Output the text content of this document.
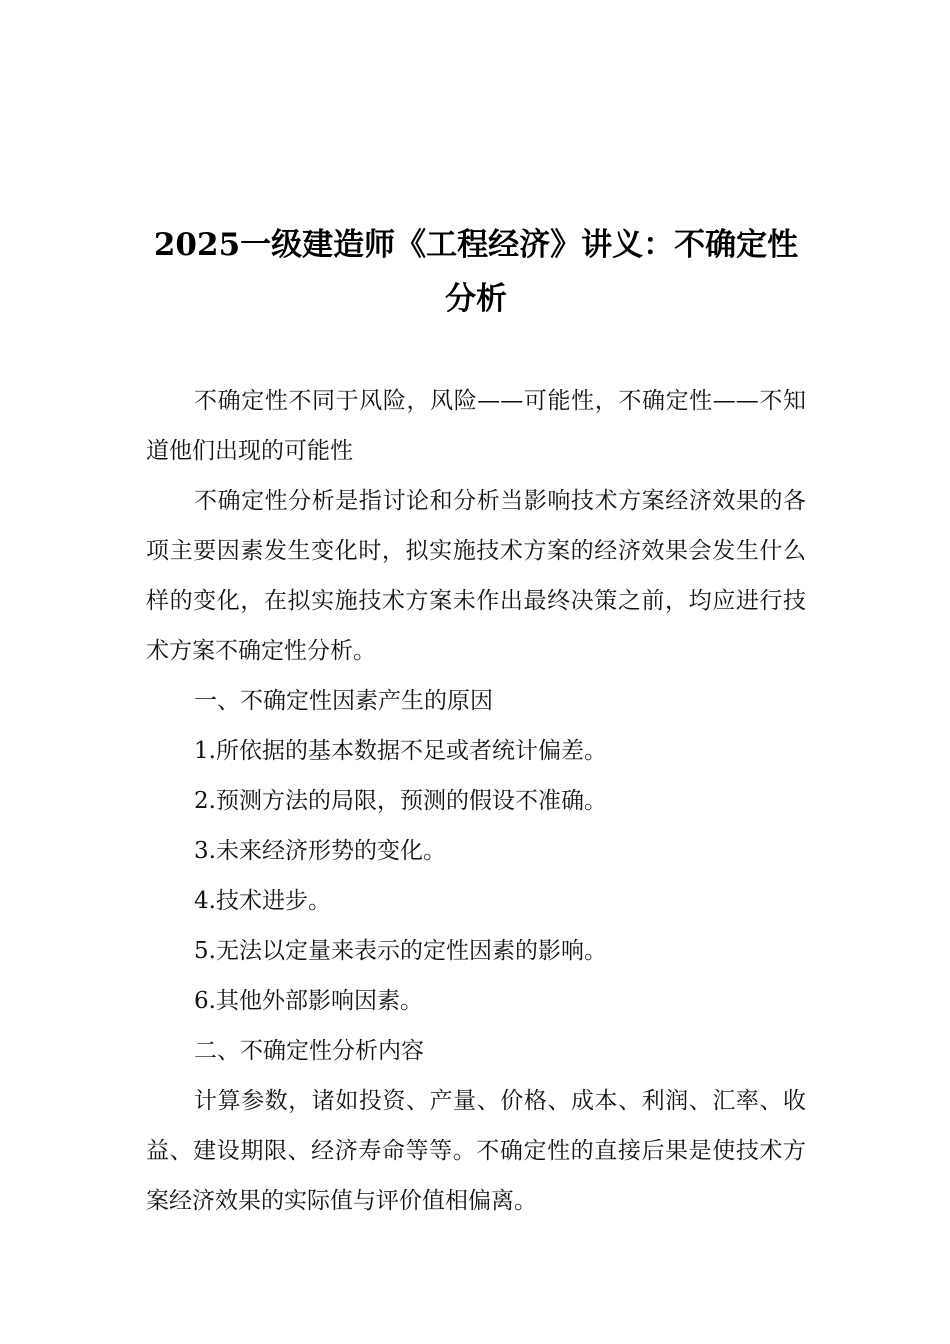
2025一级建造师《工程经济》讲义：不确定性分析

不确定性不同于风险，风险——可能性，不确定性——不知道他们出现的可能性

不确定性分析是指讨论和分析当影响技术方案经济效果的各项主要因素发生变化时，拟实施技术方案的经济效果会发生什么样的变化，在拟实施技术方案未作出最终决策之前，均应进行技术方案不确定性分析。

一、不确定性因素产生的原因

1.所依据的基本数据不足或者统计偏差。

2.预测方法的局限，预测的假设不准确。

3.未来经济形势的变化。

4.技术进步。

5.无法以定量来表示的定性因素的影响。

6.其他外部影响因素。

二、不确定性分析内容

计算参数，诸如投资、产量、价格、成本、利润、汇率、收益、建设期限、经济寿命等等。不确定性的直接后果是使技术方案经济效果的实际值与评价值相偏离。
